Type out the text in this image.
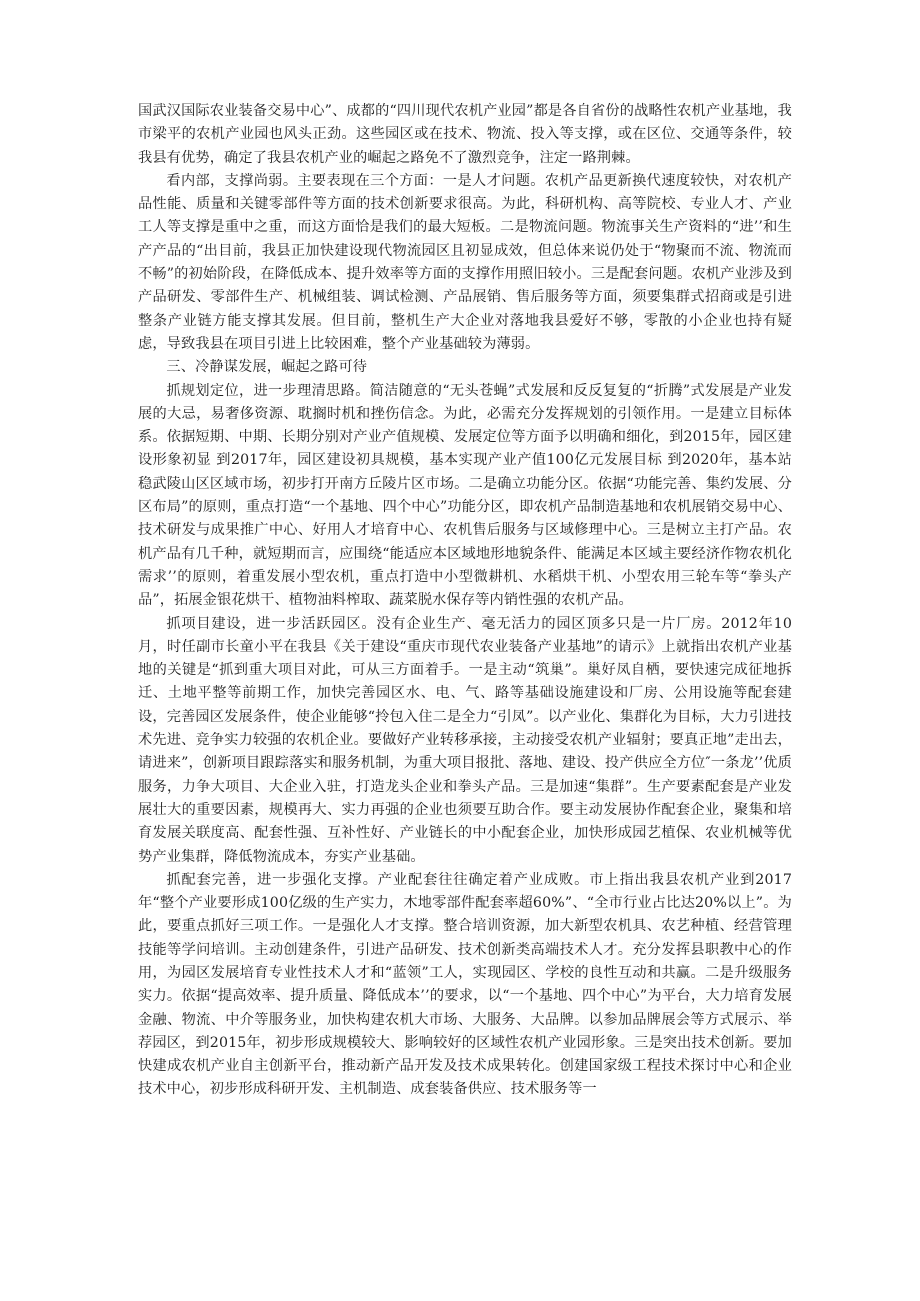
国武汉国际农业装备交易中心”、成都的“四川现代农机产业园”都是各自省份的战略性农机产业基地，我市梁平的农机产业园也风头正劲。这些园区或在技术、物流、投入等支撑，或在区位、交通等条件，较我县有优势，确定了我县农机产业的崛起之路免不了激烈竞争，注定一路荆棘。

看内部，支撑尚弱。主要表现在三个方面：一是人才问题。农机产品更新换代速度较快，对农机产品性能、质量和关键零部件等方面的技术创新要求很高。为此，科研机构、高等院校、专业人才、产业工人等支撑是重中之重，而这方面恰是我们的最大短板。二是物流问题。物流事关生产资料的“进’’和生产产品的“出目前，我县正加快建设现代物流园区且初显成效，但总体来说仍处于“物聚而不流、物流而不畅”的初始阶段，在降低成本、提升效率等方面的支撑作用照旧较小。三是配套问题。农机产业涉及到产品研发、零部件生产、机械组装、调试检测、产品展销、售后服务等方面，须要集群式招商或是引进整条产业链方能支撑其发展。但目前，整机生产大企业对落地我县爱好不够，零散的小企业也持有疑虑，导致我县在项目引进上比较困难，整个产业基础较为薄弱。

三、冷静谋发展，崛起之路可待

抓规划定位，进一步理清思路。简洁随意的“无头苍蝇”式发展和反反复复的“折腾”式发展是产业发展的大忌，易奢侈资源、耽搁时机和挫伤信念。为此，必需充分发挥规划的引领作用。一是建立目标体系。依据短期、中期、长期分别对产业产值规模、发展定位等方面予以明确和细化，到2015年，园区建设形象初显 到2017年，园区建设初具规模，基本实现产业产值100亿元发展目标 到2020年，基本站稳武陵山区区域市场，初步打开南方丘陵片区市场。二是确立功能分区。依据“功能完善、集约发展、分区布局”的原则，重点打造“一个基地、四个中心”功能分区，即农机产品制造基地和农机展销交易中心、技术研发与成果推广中心、好用人才培育中心、农机售后服务与区域修理中心。三是树立主打产品。农机产品有几千种，就短期而言，应围绕“能适应本区域地形地貌条件、能满足本区域主要经济作物农机化需求’’的原则，着重发展小型农机，重点打造中小型微耕机、水稻烘干机、小型农用三轮车等“拳头产品”，拓展金银花烘干、植物油料榨取、蔬菜脱水保存等内销性强的农机产品。

抓项目建设，进一步活跃园区。没有企业生产、毫无活力的园区顶多只是一片厂房。2012年10月，时任副市长童小平在我县《关于建设“重庆市现代农业装备产业基地”的请示》上就指出农机产业基地的关键是“抓到重大项目对此，可从三方面着手。一是主动“筑巢”。巢好凤自栖，要快速完成征地拆迁、土地平整等前期工作，加快完善园区水、电、气、路等基础设施建设和厂房、公用设施等配套建设，完善园区发展条件，使企业能够“拎包入住二是全力“引凤”。以产业化、集群化为目标，大力引进技术先进、竞争实力较强的农机企业。要做好产业转移承接，主动接受农机产业辐射；要真正地”走出去，请进来”，创新项目跟踪落实和服务机制，为重大项目报批、落地、建设、投产供应全方位″一条龙’’优质服务，力争大项目、大企业入驻，打造龙头企业和拳头产品。三是加速“集群”。生产要素配套是产业发展壮大的重要因素，规模再大、实力再强的企业也须要互助合作。要主动发展协作配套企业，聚集和培育发展关联度高、配套性强、互补性好、产业链长的中小配套企业，加快形成园艺植保、农业机械等优势产业集群，降低物流成本，夯实产业基础。

抓配套完善，进一步强化支撑。产业配套往往确定着产业成败。市上指出我县农机产业到2017年“整个产业要形成100亿级的生产实力，木地零部件配套率超60%”、“全市行业占比达20%以上”。为此，要重点抓好三项工作。一是强化人才支撑。整合培训资源，加大新型农机具、农艺种植、经营管理技能等学问培训。主动创建条件，引进产品研发、技术创新类高端技术人才。充分发挥县职教中心的作用，为园区发展培育专业性技术人才和“蓝领”工人，实现园区、学校的良性互动和共赢。二是升级服务实力。依据“提高效率、提升质量、降低成本’’的要求，以“一个基地、四个中心”为平台，大力培育发展金融、物流、中介等服务业，加快构建农机大市场、大服务、大品牌。以参加品牌展会等方式展示、举荐园区，到2015年，初步形成规模较大、影响较好的区域性农机产业园形象。三是突出技术创新。要加快建成农机产业自主创新平台，推动新产品开发及技术成果转化。创建国家级工程技术探讨中心和企业技术中心，初步形成科研开发、主机制造、成套装备供应、技术服务等一
